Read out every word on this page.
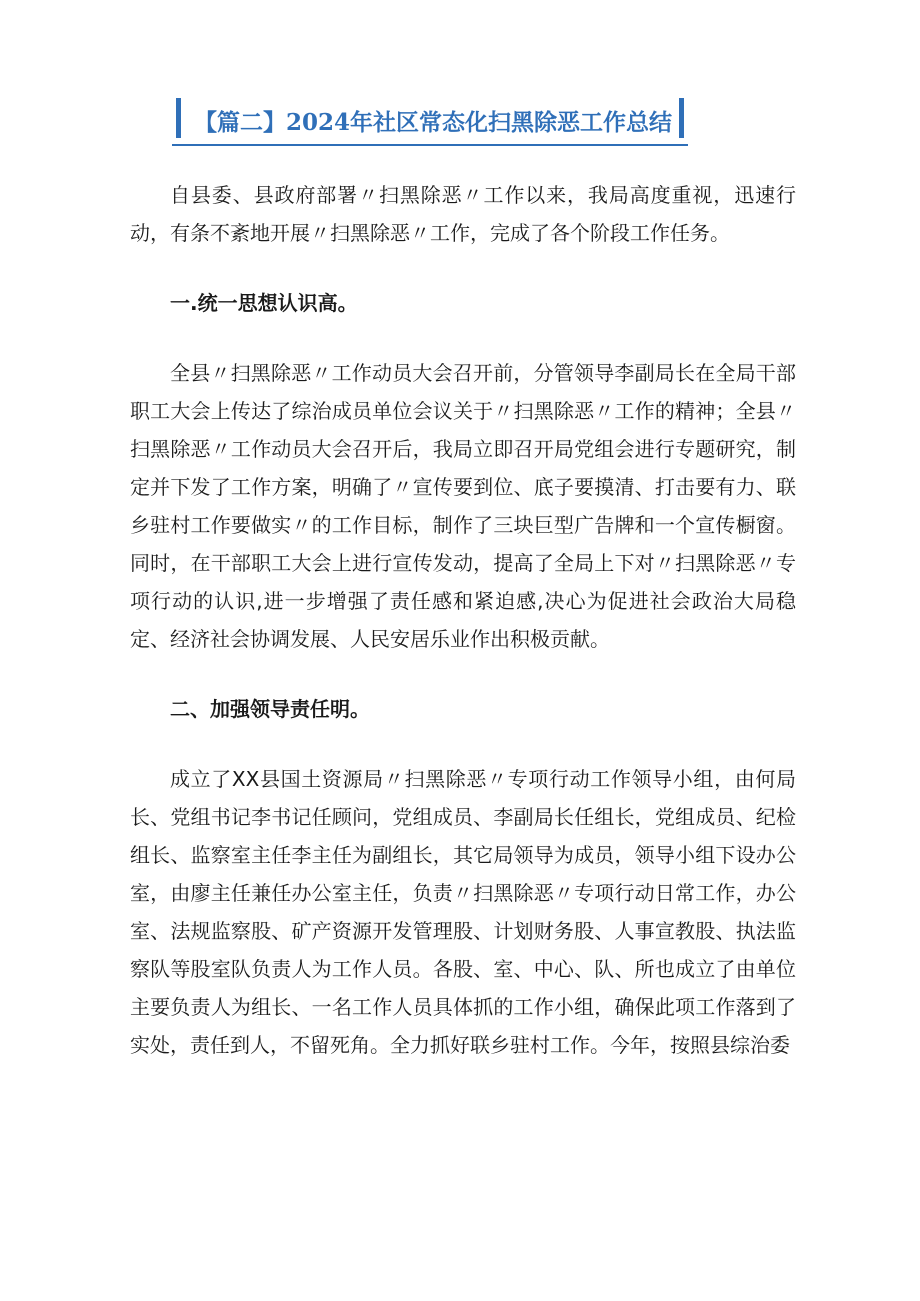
【篇二】2024年社区常态化扫黑除恶工作总结

自县委、县政府部署〃扫黑除恶〃工作以来，我局高度重视，迅速行动，有条不紊地开展〃扫黑除恶〃工作，完成了各个阶段工作任务。

一.统一思想认识高。

全县〃扫黑除恶〃工作动员大会召开前，分管领导李副局长在全局干部职工大会上传达了综治成员单位会议关于〃扫黑除恶〃工作的精神；全县〃扫黑除恶〃工作动员大会召开后，我局立即召开局党组会进行专题研究，制定并下发了工作方案，明确了〃宣传要到位、底子要摸清、打击要有力、联乡驻村工作要做实〃的工作目标，制作了三块巨型广告牌和一个宣传橱窗。同时，在干部职工大会上进行宣传发动，提高了全局上下对〃扫黑除恶〃专项行动的认识,进一步增强了责任感和紧迫感,决心为促进社会政治大局稳定、经济社会协调发展、人民安居乐业作出积极贡献。

二、加强领导责任明。

成立了XX县国土资源局〃扫黑除恶〃专项行动工作领导小组，由何局长、党组书记李书记任顾问，党组成员、李副局长任组长，党组成员、纪检组长、监察室主任李主任为副组长，其它局领导为成员，领导小组下设办公室，由廖主任兼任办公室主任，负责〃扫黑除恶〃专项行动日常工作，办公室、法规监察股、矿产资源开发管理股、计划财务股、人事宣教股、执法监察队等股室队负责人为工作人员。各股、室、中心、队、所也成立了由单位主要负责人为组长、一名工作人员具体抓的工作小组，确保此项工作落到了实处，责任到人，不留死角。全力抓好联乡驻村工作。今年，按照县综治委
